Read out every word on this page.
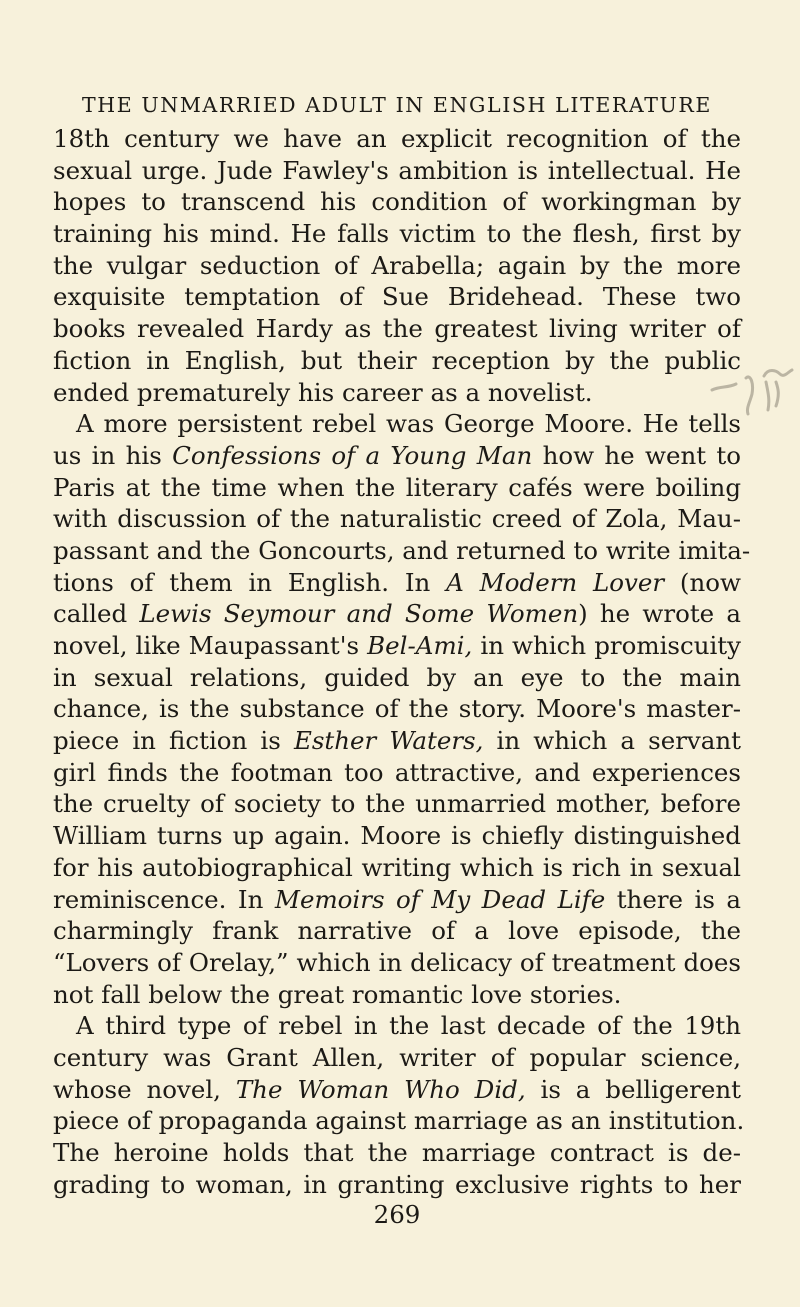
THE UNMARRIED ADULT IN ENGLISH LITERATURE
18th century we have an explicit recognition of the
sexual urge. Jude Fawley's ambition is intellectual. He
hopes to transcend his condition of workingman by
training his mind. He falls victim to the flesh, first by
the vulgar seduction of Arabella; again by the more
exquisite temptation of Sue Bridehead. These two
books revealed Hardy as the greatest living writer of
fiction in English, but their reception by the public
ended prematurely his career as a novelist.
A more persistent rebel was George Moore. He tells
us in his Confessions of a Young Man how he went to
Paris at the time when the literary cafés were boiling
with discussion of the naturalistic creed of Zola, Mau-
passant and the Goncourts, and returned to write imita-
tions of them in English. In A Modern Lover (now
called Lewis Seymour and Some Women) he wrote a
novel, like Maupassant's Bel-Ami, in which promiscuity
in sexual relations, guided by an eye to the main
chance, is the substance of the story. Moore's master-
piece in fiction is Esther Waters, in which a servant
girl finds the footman too attractive, and experiences
the cruelty of society to the unmarried mother, before
William turns up again. Moore is chiefly distinguished
for his autobiographical writing which is rich in sexual
reminiscence. In Memoirs of My Dead Life there is a
charmingly frank narrative of a love episode, the
“Lovers of Orelay,” which in delicacy of treatment does
not fall below the great romantic love stories.
A third type of rebel in the last decade of the 19th
century was Grant Allen, writer of popular science,
whose novel, The Woman Who Did, is a belligerent
piece of propaganda against marriage as an institution.
The heroine holds that the marriage contract is de-
grading to woman, in granting exclusive rights to her
269
